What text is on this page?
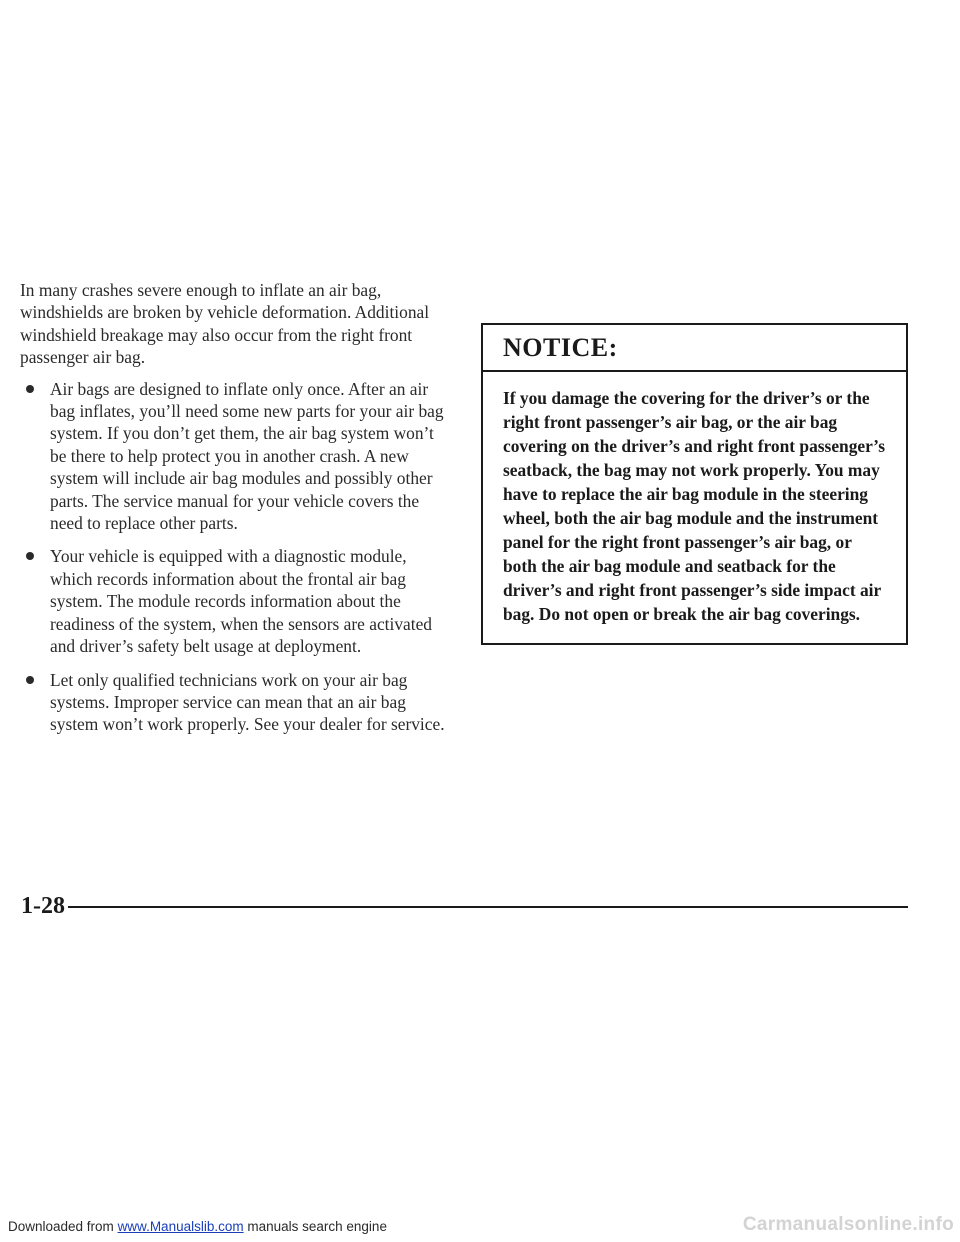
In many crashes severe enough to inflate an air bag, windshields are broken by vehicle deformation. Additional windshield breakage may also occur from the right front passenger air bag.

Air bags are designed to inflate only once. After an air bag inflates, you’ll need some new parts for your air bag system. If you don’t get them, the air bag system won’t be there to help protect you in another crash. A new system will include air bag modules and possibly other parts. The service manual for your vehicle covers the need to replace other parts.
Your vehicle is equipped with a diagnostic module, which records information about the frontal air bag system. The module records information about the readiness of the system, when the sensors are activated and driver’s safety belt usage at deployment.
Let only qualified technicians work on your air bag systems. Improper service can mean that an air bag system won’t work properly. See your dealer for service.
NOTICE:
If you damage the covering for the driver’s or the right front passenger’s air bag, or the air bag covering on the driver’s and right front passenger’s seatback, the bag may not work properly. You may have to replace the air bag module in the steering wheel, both the air bag module and the instrument panel for the right front passenger’s air bag, or both the air bag module and seatback for the driver’s and right front passenger’s side impact air bag. Do not open or break the air bag coverings.
1-28
Downloaded from www.Manualslib.com manuals search engine	Carmanualsonline.info
